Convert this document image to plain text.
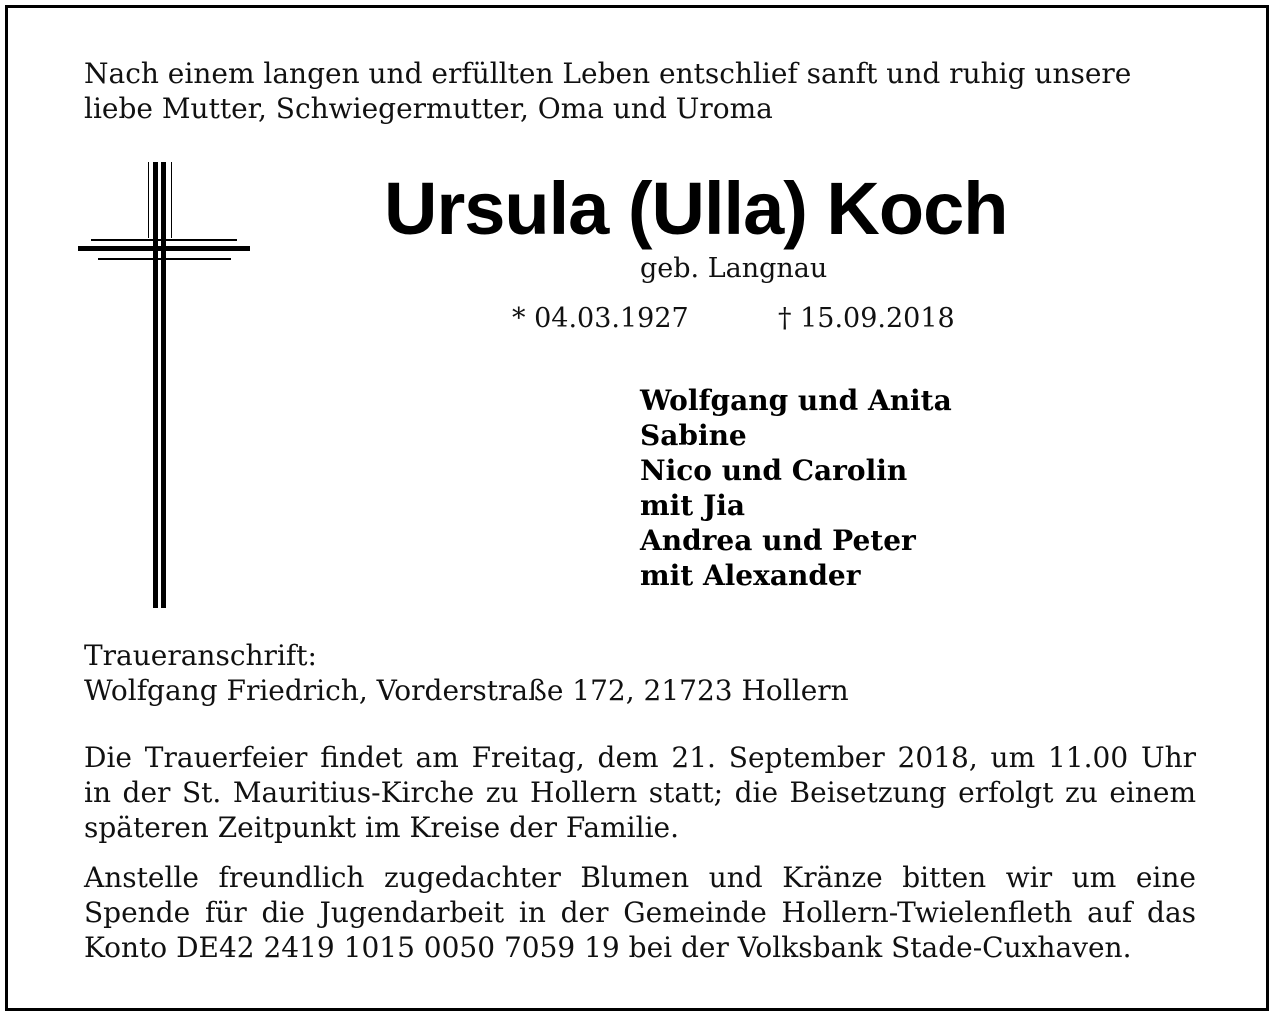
Nach einem langen und erfüllten Leben entschlief sanft und ruhig unsere
liebe Mutter, Schwiegermutter, Oma und Uroma
Ursula (Ulla) Koch
geb. Langnau
* 04.03.1927	† 15.09.2018
Wolfgang und Anita
Sabine
Nico und Carolin
mit Jia
Andrea und Peter
mit Alexander
Traueranschrift:
Wolfgang Friedrich, Vorderstraße 172, 21723 Hollern
Die Trauerfeier findet am Freitag, dem 21. September 2018, um 11.00 Uhr
in der St. Mauritius-Kirche zu Hollern statt; die Beisetzung erfolgt zu einem
späteren Zeitpunkt im Kreise der Familie.
Anstelle freundlich zugedachter Blumen und Kränze bitten wir um eine
Spende für die Jugendarbeit in der Gemeinde Hollern-Twielenfleth auf das
Konto DE42 2419 1015 0050 7059 19 bei der Volksbank Stade-Cuxhaven.
